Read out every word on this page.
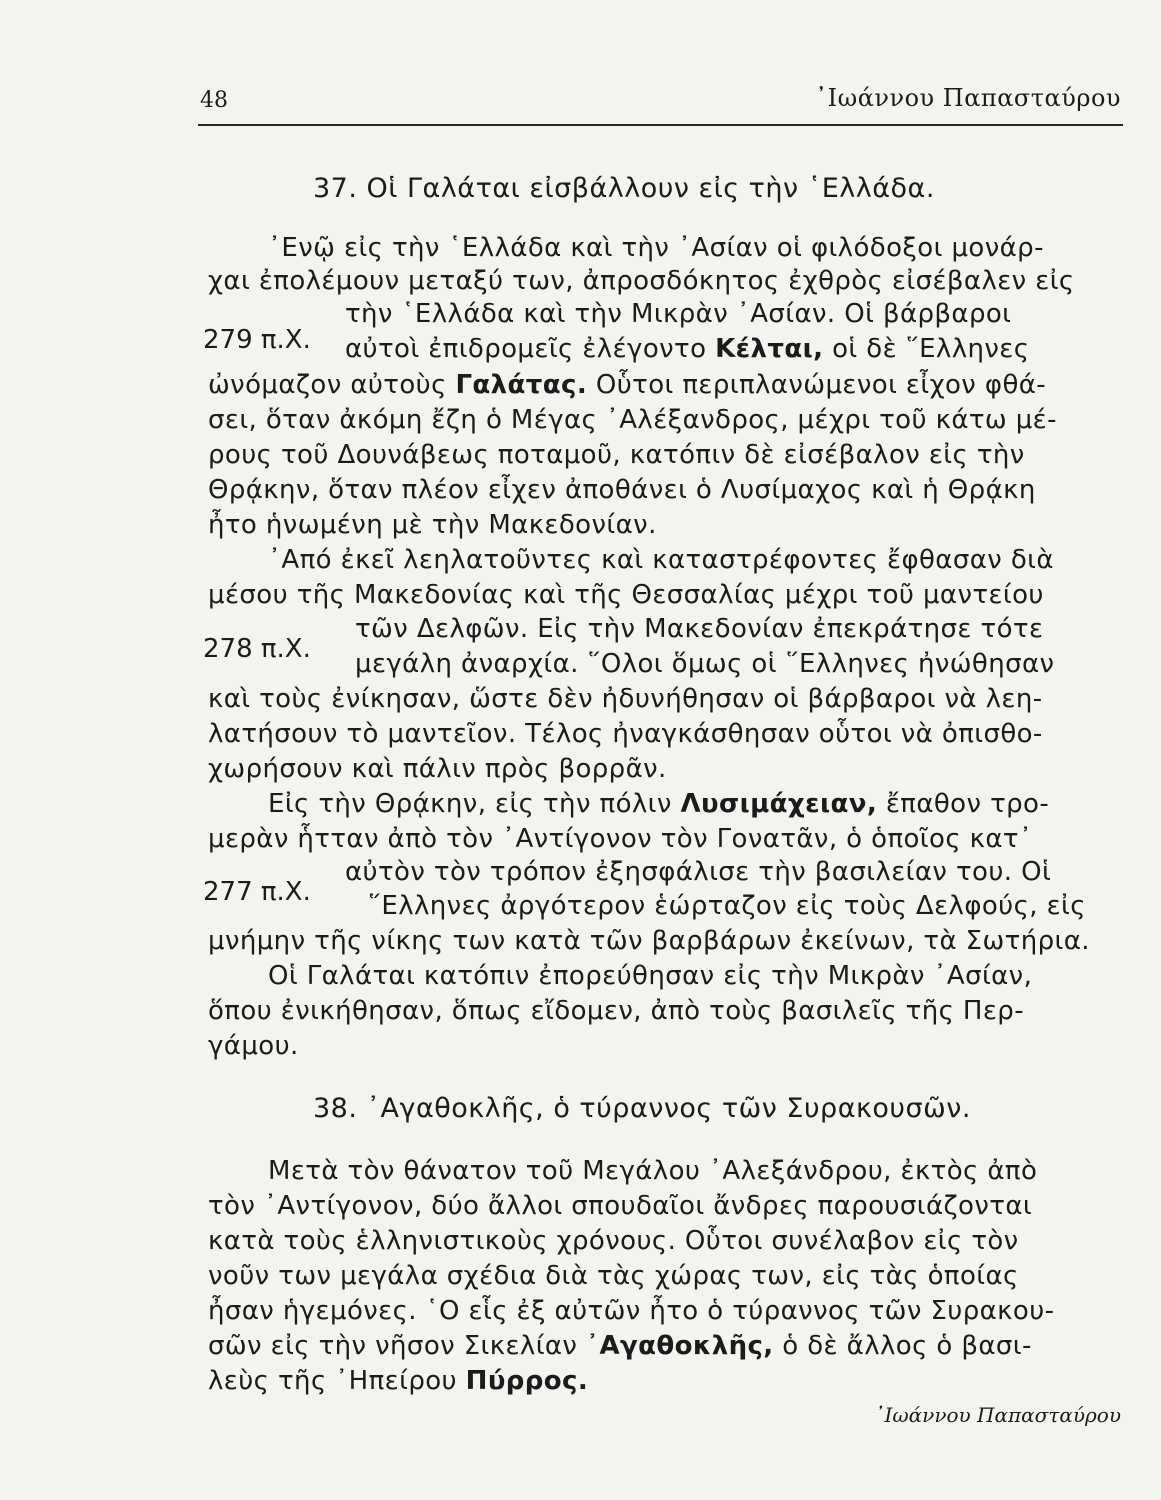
48	᾽Ιωάννου Παπασταύρου
37. Οἱ Γαλάται εἰσβάλλουν εἰς τὴν ῾Ελλάδα.
᾽Ενῷ εἰς τὴν ῾Ελλάδα καὶ τὴν ᾽Ασίαν οἱ φιλόδοξοι μονάρ-
χαι ἐπολέμουν μεταξύ των, ἀπροσδόκητος ἐχθρὸς εἰσέβαλεν εἰς
τὴν ῾Ελλάδα καὶ τὴν Μικρὰν ᾽Ασίαν. Οἱ βάρβαροι
279 π.Χ. αὐτοὶ ἐπιδρομεῖς ἐλέγοντο Κέλται, οἱ δὲ ῞Ελληνες
ὠνόμαζον αὐτοὺς Γαλάτας. Οὗτοι περιπλανώμενοι εἶχον φθά-
σει, ὅταν ἀκόμη ἔζη ὁ Μέγας ᾽Αλέξανδρος, μέχρι τοῦ κάτω μέ-
ρους τοῦ Δουνάβεως ποταμοῦ, κατόπιν δὲ εἰσέβαλον εἰς τὴν
Θρᾴκην, ὅταν πλέον εἶχεν ἀποθάνει ὁ Λυσίμαχος καὶ ἡ Θρᾴκη
ἦτο ἡνωμένη μὲ τὴν Μακεδονίαν.
᾽Από ἐκεῖ λεηλατοῦντες καὶ καταστρέφοντες ἔφθασαν διὰ
μέσου τῆς Μακεδονίας καὶ τῆς Θεσσαλίας μέχρι τοῦ μαντείου
τῶν Δελφῶν. Εἰς τὴν Μακεδονίαν ἐπεκράτησε τότε
278 π.Χ. μεγάλη ἀναρχία. ῞Ολοι ὅμως οἱ ῞Ελληνες ἠνώθησαν
καὶ τοὺς ἐνίκησαν, ὥστε δὲν ἠδυνήθησαν οἱ βάρβαροι νὰ λεη-
λατήσουν τὸ μαντεῖον. Τέλος ἠναγκάσθησαν οὗτοι νὰ ὀπισθο-
χωρήσουν καὶ πάλιν πρὸς βορρᾶν.
Εἰς τὴν Θρᾴκην, εἰς τὴν πόλιν Λυσιμάχειαν, ἔπαθον τρο-
μερὰν ἧτταν ἀπὸ τὸν ᾽Αντίγονον τὸν Γονατᾶν, ὁ ὁποῖος κατ᾽
αὐτὸν τὸν τρόπον ἐξησφάλισε τὴν βασιλείαν του. Οἱ
277 π.Χ. ῞Ελληνες ἀργότερον ἑώρταζον εἰς τοὺς Δελφούς, εἰς
μνήμην τῆς νίκης των κατὰ τῶν βαρβάρων ἐκείνων, τὰ Σωτήρια.
Οἱ Γαλάται κατόπιν ἐπορεύθησαν εἰς τὴν Μικρὰν ᾽Ασίαν,
ὅπου ἐνικήθησαν, ὅπως εἴδομεν, ἀπὸ τοὺς βασιλεῖς τῆς Περ-
γάμου.
38. ᾽Αγαθοκλῆς, ὁ τύραννος τῶν Συρακουσῶν.
Μετὰ τὸν θάνατον τοῦ Μεγάλου ᾽Αλεξάνδρου, ἐκτὸς ἀπὸ
τὸν ᾽Αντίγονον, δύο ἄλλοι σπουδαῖοι ἄνδρες παρουσιάζονται
κατὰ τοὺς ἑλληνιστικοὺς χρόνους. Οὗτοι συνέλαβον εἰς τὸν
νοῦν των μεγάλα σχέδια διὰ τὰς χώρας των, εἰς τὰς ὁποίας
ἦσαν ἡγεμόνες. ῾Ο εἷς ἐξ αὐτῶν ἦτο ὁ τύραννος τῶν Συρακου-
σῶν εἰς τὴν νῆσον Σικελίαν ᾽Αγαθοκλῆς, ὁ δὲ ἄλλος ὁ βασι-
λεὺς τῆς ᾽Ηπείρου Πύρρος.
᾽Ιωάννου Παπασταύρου
